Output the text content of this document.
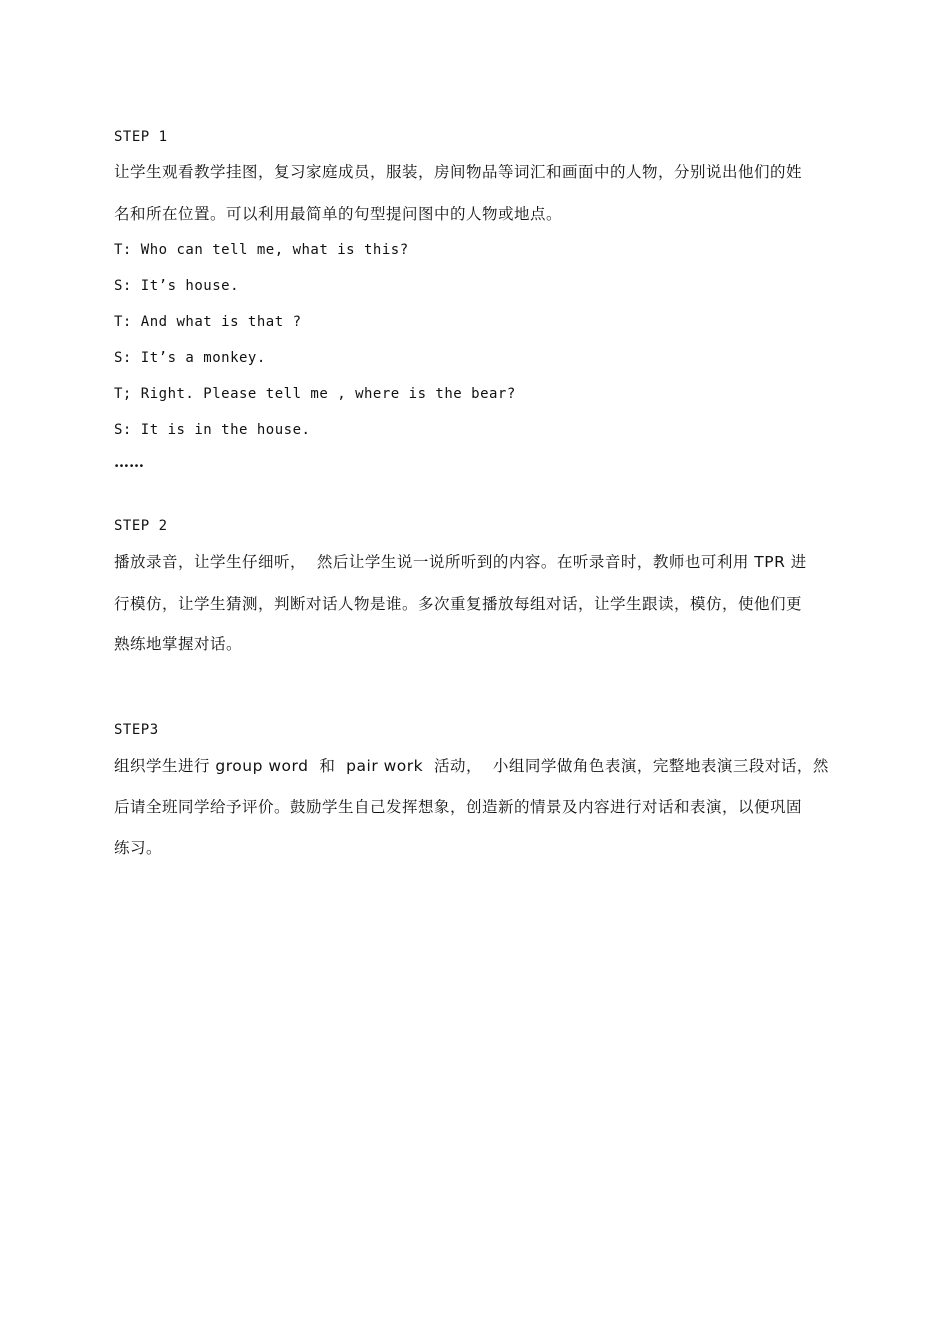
STEP 1
让学生观看教学挂图，复习家庭成员，服装，房间物品等词汇和画面中的人物，分别说出他们的姓
名和所在位置。可以利用最简单的句型提问图中的人物或地点。
T: Who can tell me, what is this?
S: It’s house.
T: And what is that ?
S: It’s a monkey.
T; Right. Please tell me , where is the bear?
S: It is in the house.
……
STEP 2
播放录音，让学生仔细听，  然后让学生说一说所听到的内容。在听录音时，教师也可利用 TPR 进
行模仿，让学生猜测，判断对话人物是谁。多次重复播放每组对话，让学生跟读，模仿，使他们更
熟练地掌握对话。
STEP3
组织学生进行 group word  和  pair work  活动，  小组同学做角色表演，完整地表演三段对话，然
后请全班同学给予评价。鼓励学生自己发挥想象，创造新的情景及内容进行对话和表演，以便巩固
练习。
